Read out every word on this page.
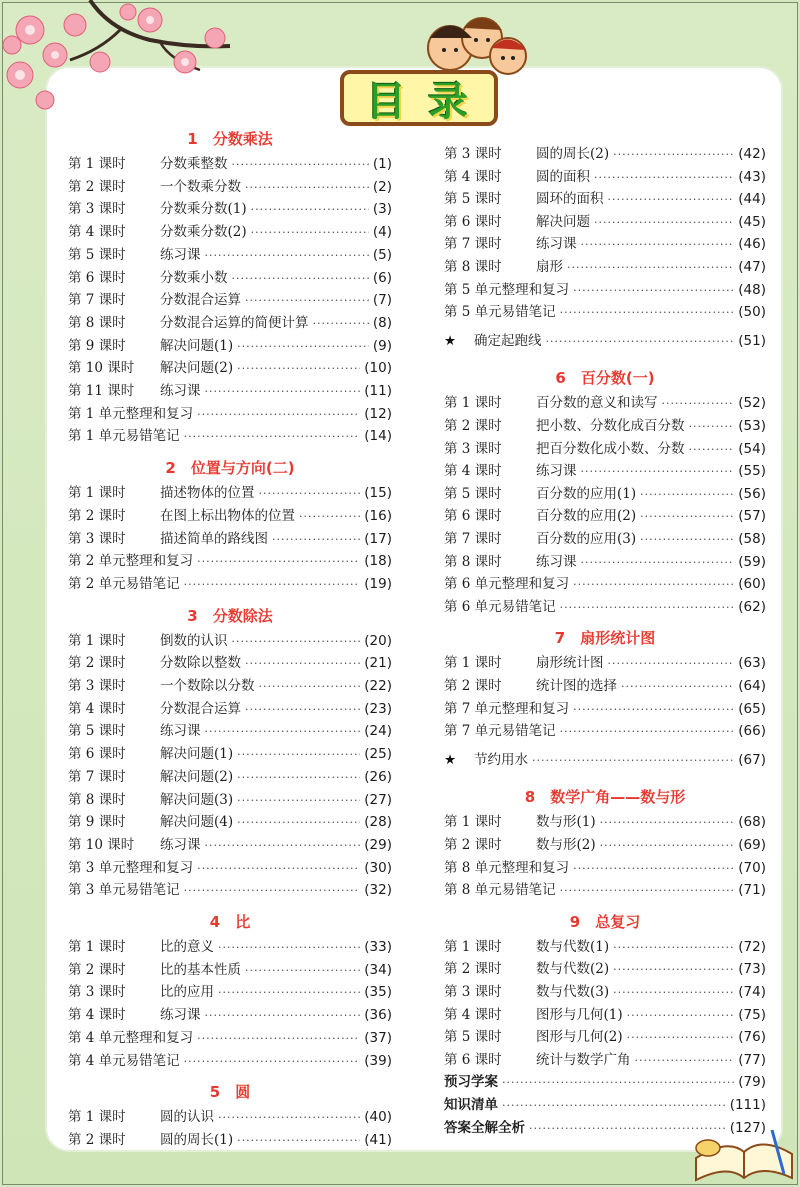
目 录
1　分数乘法
第 1 课时	分数乘整数 ·····	(1)
第 2 课时	一个数乘分数 ·····	(2)
第 3 课时	分数乘分数(1) ·····	(3)
第 4 课时	分数乘分数(2) ·····	(4)
第 5 课时	练习课 ·····	(5)
第 6 课时	分数乘小数 ·····	(6)
第 7 课时	分数混合运算 ·····	(7)
第 8 课时	分数混合运算的简便计算 ·····	(8)
第 9 课时	解决问题(1) ·····	(9)
第 10 课时	解决问题(2) ·····	(10)
第 11 课时	练习课 ·····	(11)
第 1 单元整理和复习 ·····	(12)
第 1 单元易错笔记 ·····	(14)
2　位置与方向(二)
第 1 课时	描述物体的位置 ·····	(15)
第 2 课时	在图上标出物体的位置 ·····	(16)
第 3 课时	描述简单的路线图 ·····	(17)
第 2 单元整理和复习 ·····	(18)
第 2 单元易错笔记 ·····	(19)
3　分数除法
第 1 课时	倒数的认识 ·····	(20)
第 2 课时	分数除以整数 ·····	(21)
第 3 课时	一个数除以分数 ·····	(22)
第 4 课时	分数混合运算 ·····	(23)
第 5 课时	练习课 ·····	(24)
第 6 课时	解决问题(1) ·····	(25)
第 7 课时	解决问题(2) ·····	(26)
第 8 课时	解决问题(3) ·····	(27)
第 9 课时	解决问题(4) ·····	(28)
第 10 课时	练习课 ·····	(29)
第 3 单元整理和复习 ·····	(30)
第 3 单元易错笔记 ·····	(32)
4　比
第 1 课时	比的意义 ·····	(33)
第 2 课时	比的基本性质 ·····	(34)
第 3 课时	比的应用 ·····	(35)
第 4 课时	练习课 ·····	(36)
第 4 单元整理和复习 ·····	(37)
第 4 单元易错笔记 ·····	(39)
5　圆
第 1 课时	圆的认识 ·····	(40)
第 2 课时	圆的周长(1) ·····	(41)
第 3 课时	圆的周长(2) ·····	(42)
第 4 课时	圆的面积 ·····	(43)
第 5 课时	圆环的面积 ·····	(44)
第 6 课时	解决问题 ·····	(45)
第 7 课时	练习课 ·····	(46)
第 8 课时	扇形 ·····	(47)
第 5 单元整理和复习 ·····	(48)
第 5 单元易错笔记 ·····	(50)
★	确定起跑线 ·····	(51)
6　百分数(一)
第 1 课时	百分数的意义和读写 ·····	(52)
第 2 课时	把小数、分数化成百分数 ·····	(53)
第 3 课时	把百分数化成小数、分数 ·····	(54)
第 4 课时	练习课 ·····	(55)
第 5 课时	百分数的应用(1) ·····	(56)
第 6 课时	百分数的应用(2) ·····	(57)
第 7 课时	百分数的应用(3) ·····	(58)
第 8 课时	练习课 ·····	(59)
第 6 单元整理和复习 ·····	(60)
第 6 单元易错笔记 ·····	(62)
7　扇形统计图
第 1 课时	扇形统计图 ·····	(63)
第 2 课时	统计图的选择 ·····	(64)
第 7 单元整理和复习 ·····	(65)
第 7 单元易错笔记 ·····	(66)
★	节约用水 ·····	(67)
8　数学广角——数与形
第 1 课时	数与形(1) ·····	(68)
第 2 课时	数与形(2) ·····	(69)
第 8 单元整理和复习 ·····	(70)
第 8 单元易错笔记 ·····	(71)
9　总复习
第 1 课时	数与代数(1) ·····	(72)
第 2 课时	数与代数(2) ·····	(73)
第 3 课时	数与代数(3) ·····	(74)
第 4 课时	图形与几何(1) ·····	(75)
第 5 课时	图形与几何(2) ·····	(76)
第 6 课时	统计与数学广角 ·····	(77)
预习学案 ·····	(79)
知识清单 ·····	(111)
答案全解全析 ·····	(127)
